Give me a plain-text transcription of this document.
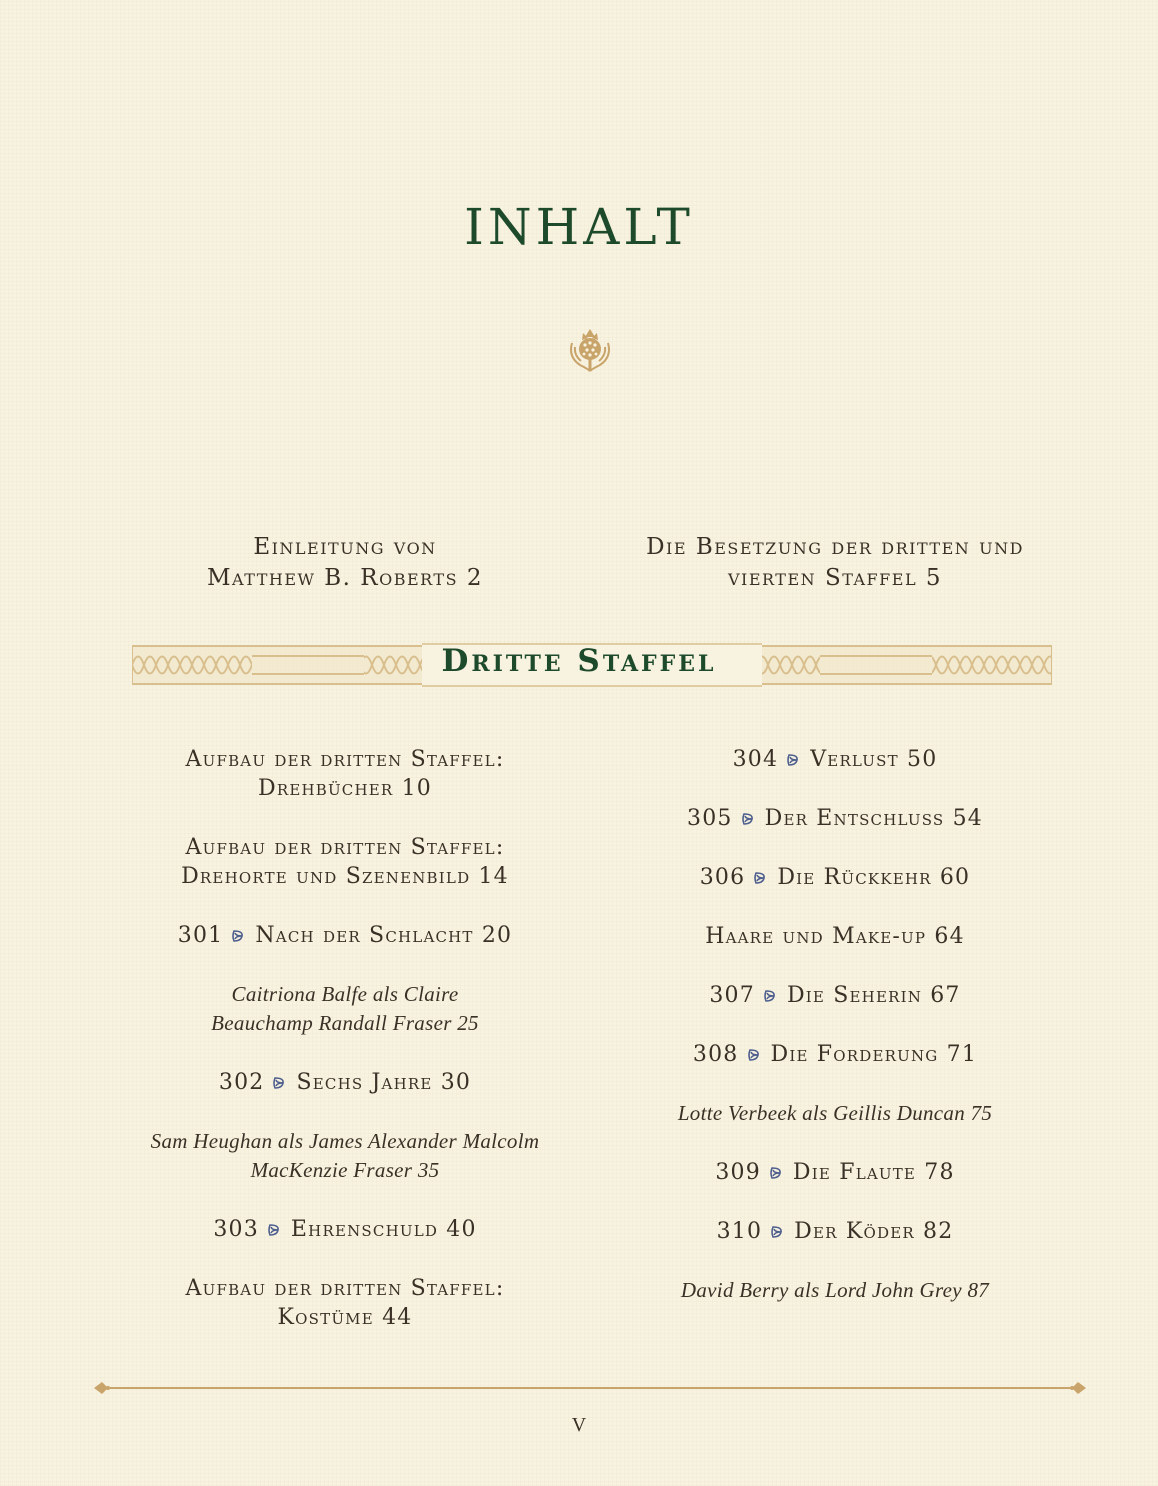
INHALT
Einleitung von
Matthew B. Roberts 2
Die Besetzung der dritten und
vierten Staffel 5
Dritte Staffel
Aufbau der dritten Staffel:
Drehbücher 10
Aufbau der dritten Staffel:
Drehorte und Szenenbild 14
301 Nach der Schlacht 20
Caitriona Balfe als Claire
Beauchamp Randall Fraser 25
302 Sechs Jahre 30
Sam Heughan als James Alexander Malcolm
MacKenzie Fraser 35
303 Ehrenschuld 40
Aufbau der dritten Staffel:
Kostüme 44
304 Verlust 50
305 Der Entschluss 54
306 Die Rückkehr 60
Haare und Make-up 64
307 Die Seherin 67
308 Die Forderung 71
Lotte Verbeek als Geillis Duncan 75
309 Die Flaute 78
310 Der Köder 82
David Berry als Lord John Grey 87
V
